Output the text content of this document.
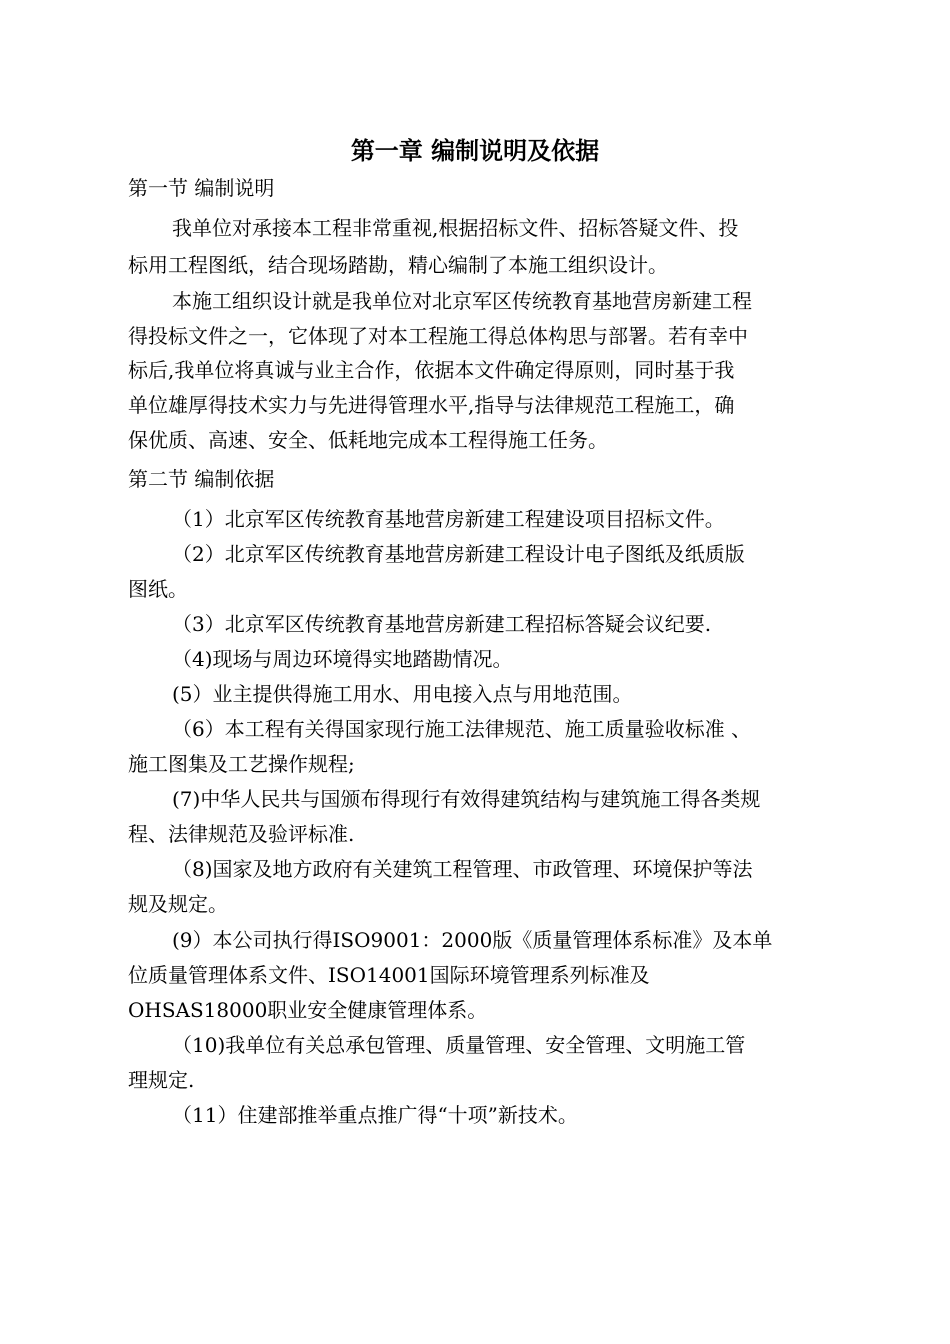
第一章 编制说明及依据

第一节 编制说明

我单位对承接本工程非常重视,根据招标文件、招标答疑文件、投

标用工程图纸，结合现场踏勘，精心编制了本施工组织设计。

本施工组织设计就是我单位对北京军区传统教育基地营房新建工程

得投标文件之一，它体现了对本工程施工得总体构思与部署。若有幸中

标后,我单位将真诚与业主合作，依据本文件确定得原则，同时基于我

单位雄厚得技术实力与先进得管理水平,指导与法律规范工程施工，确

保优质、高速、安全、低耗地完成本工程得施工任务。

第二节 编制依据

（1）北京军区传统教育基地营房新建工程建设项目招标文件。

（2）北京军区传统教育基地营房新建工程设计电子图纸及纸质版

图纸。

（3）北京军区传统教育基地营房新建工程招标答疑会议纪要.

（4)现场与周边环境得实地踏勘情况。

(5）业主提供得施工用水、用电接入点与用地范围。

（6）本工程有关得国家现行施工法律规范、施工质量验收标准 、

施工图集及工艺操作规程;

(7)中华人民共与国颁布得现行有效得建筑结构与建筑施工得各类规

程、法律规范及验评标准.

（8)国家及地方政府有关建筑工程管理、市政管理、环境保护等法

规及规定。

(9）本公司执行得ISO9001：2000版《质量管理体系标准》及本单

位质量管理体系文件、ISO14001国际环境管理系列标准及

OHSAS18000职业安全健康管理体系。

（10)我单位有关总承包管理、质量管理、安全管理、文明施工管

理规定.

（11）住建部推举重点推广得“十项”新技术。
